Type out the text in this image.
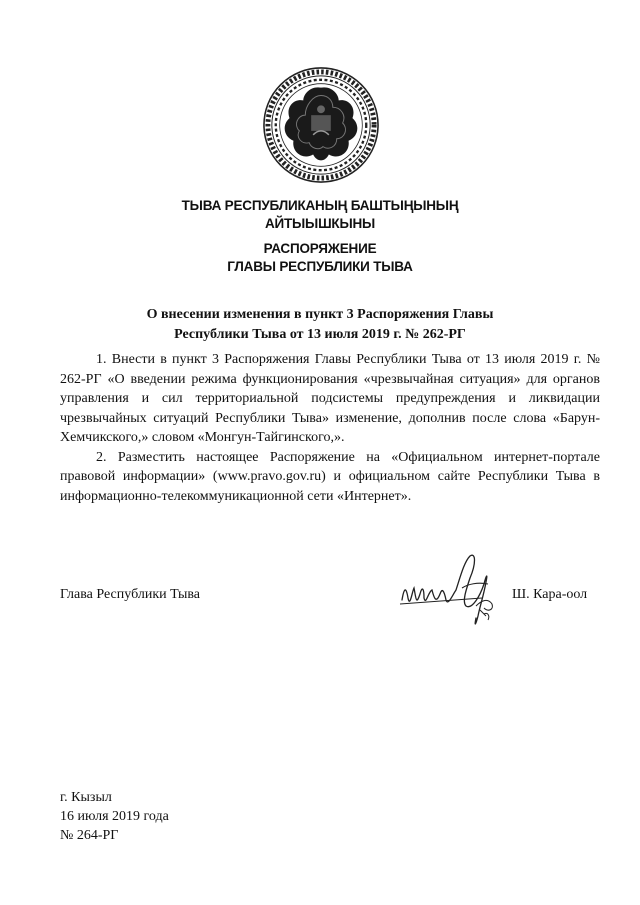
ТЫВА РЕСПУБЛИКАНЫҢ БАШТЫҢЫНЫҢ
АЙТЫЫШКЫНЫ
РАСПОРЯЖЕНИЕ
ГЛАВЫ РЕСПУБЛИКИ ТЫВА
О внесении изменения в пункт 3 Распоряжения Главы
Республики Тыва от 13 июля 2019 г. № 262-РГ

1. Внести в пункт 3 Распоряжения Главы Республики Тыва от 13 июля 2019 г. № 262-РГ «О введении режима функционирования «чрезвычайная ситуация» для органов управления и сил территориальной подсистемы предупреждения и ликвидации чрезвычайных ситуаций Республики Тыва» изменение, дополнив после слова «Барун-Хемчикского,» словом «Монгун-Тайгинского,».

2. Разместить настоящее Распоряжение на «Официальном интернет-портале правовой информации» (www.pravo.gov.ru) и официальном сайте Республики Тыва в информационно-телекоммуникационной сети «Интернет».

Глава Республики Тыва	Ш. Кара-оол
г. Кызыл
16 июля 2019 года
№ 264-РГ
